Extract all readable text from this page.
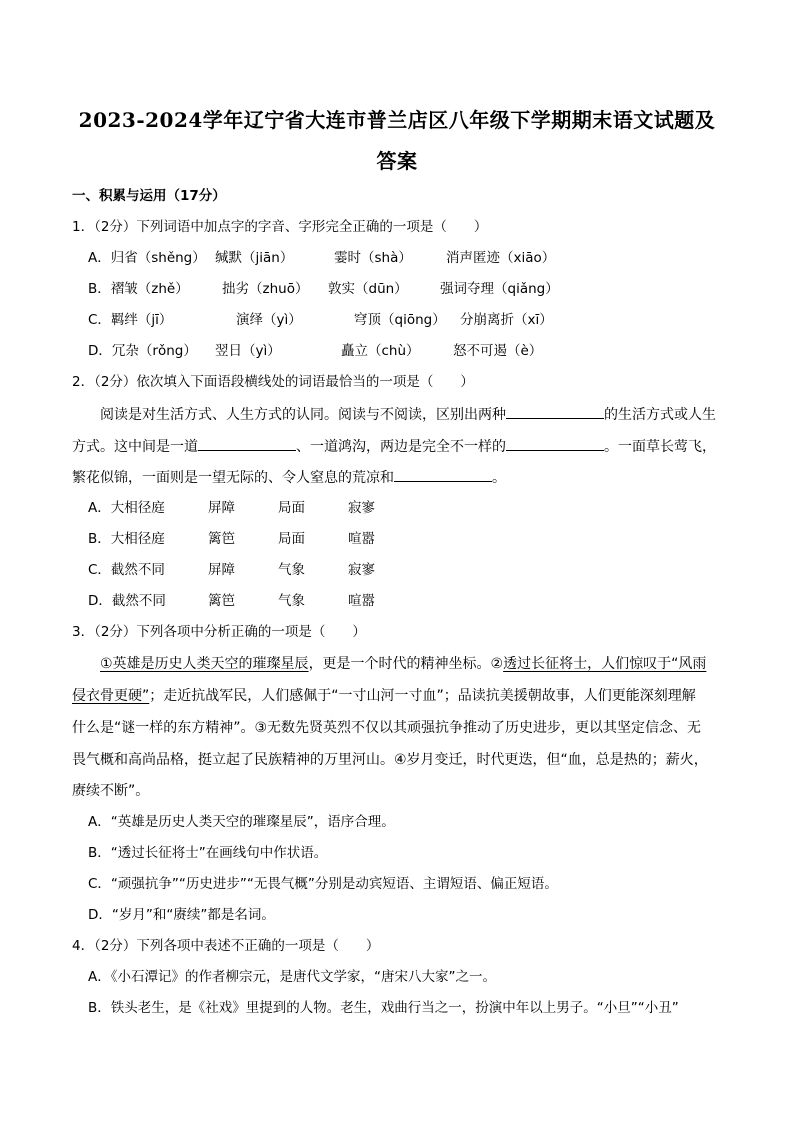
2023-2024学年辽宁省大连市普兰店区八年级下学期期末语文试题及
答案
一、积累与运用（17分）
1．（2分）下列词语中加点字的字音、字形完全正确的一项是（　　）
A．归省（shěng） 缄默（jiān）	霎时（shà）	消声匿迹（xiāo）
B．褶皱（zhě） 拙劣（zhuō） 敦实（dūn） 强词夺理（qiǎng）
C．羁绊（jī）	演绎（yì）	穹顶（qiōng） 分崩离折（xī）
D．冗杂（rǒng） 翌日（yì）	矗立（chù） 怒不可遏（è）
2．（2分）依次填入下面语段横线处的词语最恰当的一项是（　　）
阅读是对生活方式、人生方式的认同。阅读与不阅读，区别出两种	的生活方式或人生
方式。这中间是一道	、一道鸿沟，两边是完全不一样的	。一面草长莺飞，
繁花似锦，一面则是一望无际的、令人窒息的荒凉和	。
A．大相径庭	屏障	局面	寂寥
B．大相径庭	篱笆	局面	喧嚣
C．截然不同	屏障	气象	寂寥
D．截然不同	篱笆	气象	喧嚣
3．（2分）下列各项中分析正确的一项是（　　）
①英雄是历史人类天空的璀璨星辰，更是一个时代的精神坐标。②透过长征将士，人们惊叹于“风雨
侵衣骨更硬”；走近抗战军民，人们感佩于“一寸山河一寸血”；品读抗美援朝故事，人们更能深刻理解
什么是“谜一样的东方精神”。③无数先贤英烈不仅以其顽强抗争推动了历史进步，更以其坚定信念、无
畏气概和高尚品格，挺立起了民族精神的万里河山。④岁月变迁，时代更迭，但“血，总是热的；薪火，
赓续不断”。
A．“英雄是历史人类天空的璀璨星辰”，语序合理。
B．“透过长征将士”在画线句中作状语。
C．“顽强抗争”“历史进步”“无畏气概”分别是动宾短语、主谓短语、偏正短语。
D．“岁月”和“赓续”都是名词。
4．（2分）下列各项中表述不正确的一项是（　　）
A．《小石潭记》的作者柳宗元，是唐代文学家，“唐宋八大家”之一。
B．铁头老生，是《社戏》里提到的人物。老生，戏曲行当之一，扮演中年以上男子。“小旦”“小丑”
